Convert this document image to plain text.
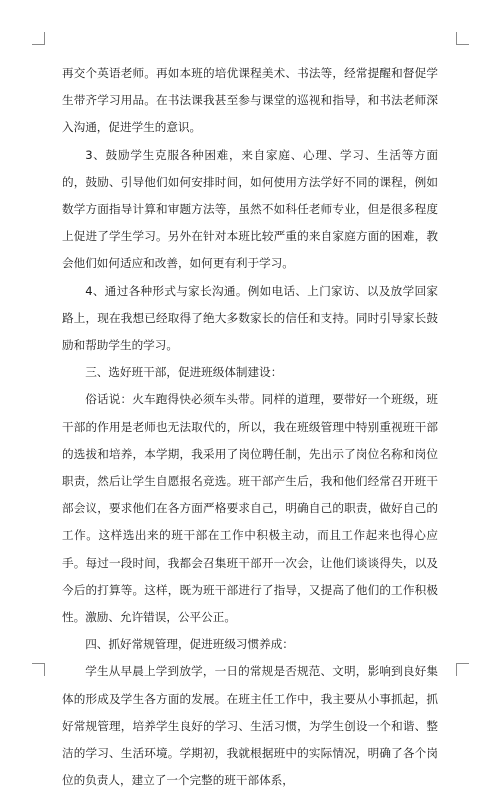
再交个英语老师。再如本班的培优课程美术、书法等，经常提醒和督促学生带齐学习用品。在书法课我甚至参与课堂的巡视和指导，和书法老师深入沟通，促进学生的意识。

3、鼓励学生克服各种困难，来自家庭、心理、学习、生活等方面的，鼓励、引导他们如何安排时间，如何使用方法学好不同的课程，例如数学方面指导计算和审题方法等，虽然不如科任老师专业，但是很多程度上促进了学生学习。另外在针对本班比较严重的来自家庭方面的困难，教会他们如何适应和改善，如何更有利于学习。

4、通过各种形式与家长沟通。例如电话、上门家访、以及放学回家路上，现在我想已经取得了绝大多数家长的信任和支持。同时引导家长鼓励和帮助学生的学习。

三、选好班干部，促进班级体制建设：

俗话说：火车跑得快必须车头带。同样的道理，要带好一个班级，班干部的作用是老师也无法取代的，所以，我在班级管理中特别重视班干部的选拔和培养，本学期，我采用了岗位聘任制，先出示了岗位名称和岗位职责，然后让学生自愿报名竞选。班干部产生后，我和他们经常召开班干部会议，要求他们在各方面严格要求自己，明确自己的职责，做好自己的工作。这样选出来的班干部在工作中积极主动，而且工作起来也得心应手。每过一段时间，我都会召集班干部开一次会，让他们谈谈得失，以及今后的打算等。这样，既为班干部进行了指导，又提高了他们的工作积极性。激励、允许错误，公平公正。

四、抓好常规管理，促进班级习惯养成：

学生从早晨上学到放学，一日的常规是否规范、文明，影响到良好集体的形成及学生各方面的发展。在班主任工作中，我主要从小事抓起，抓好常规管理，培养学生良好的学习、生活习惯，为学生创设一个和谐、整洁的学习、生活环境。学期初，我就根据班中的实际情况，明确了各个岗位的负责人，建立了一个完整的班干部体系，
